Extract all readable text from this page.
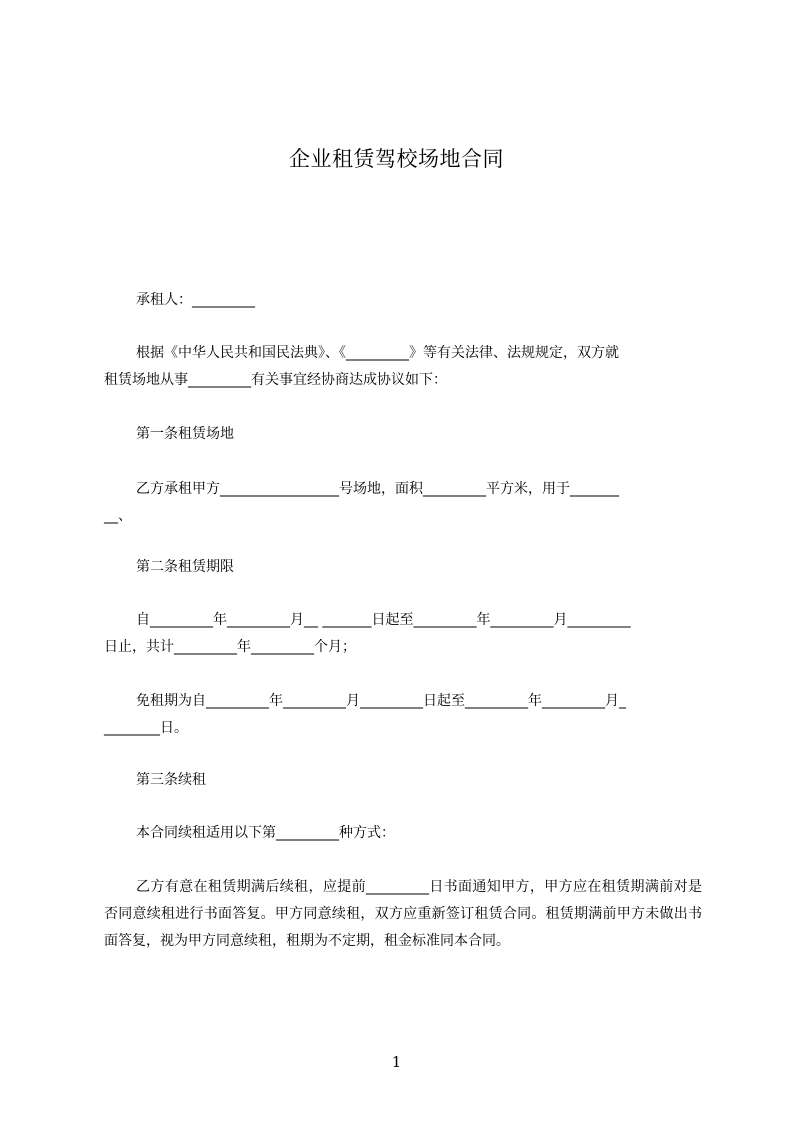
企业租赁驾校场地合同
承租人：_________
根据《中华人民共和国民法典》、《_________》等有关法律、法规规定，双方就
租赁场地从事_________有关事宜经协商达成协议如下：
第一条租赁场地
乙方承租甲方_________________号场地，面积_________平方米，用于_______
__、
第二条租赁期限
自_________年_________月__ _______日起至_________年_________月_________
日止，共计_________年_________个月；
免租期为自_________年_________月_________日起至_________年_________月_
________日。
第三条续租
本合同续租适用以下第_________种方式：
乙方有意在租赁期满后续租，应提前_________日书面通知甲方，甲方应在租赁期满前对是否同意续租进行书面答复。甲方同意续租，双方应重新签订租赁合同。租赁期满前甲方未做出书面答复，视为甲方同意续租，租期为不定期，租金标准同本合同。
1
